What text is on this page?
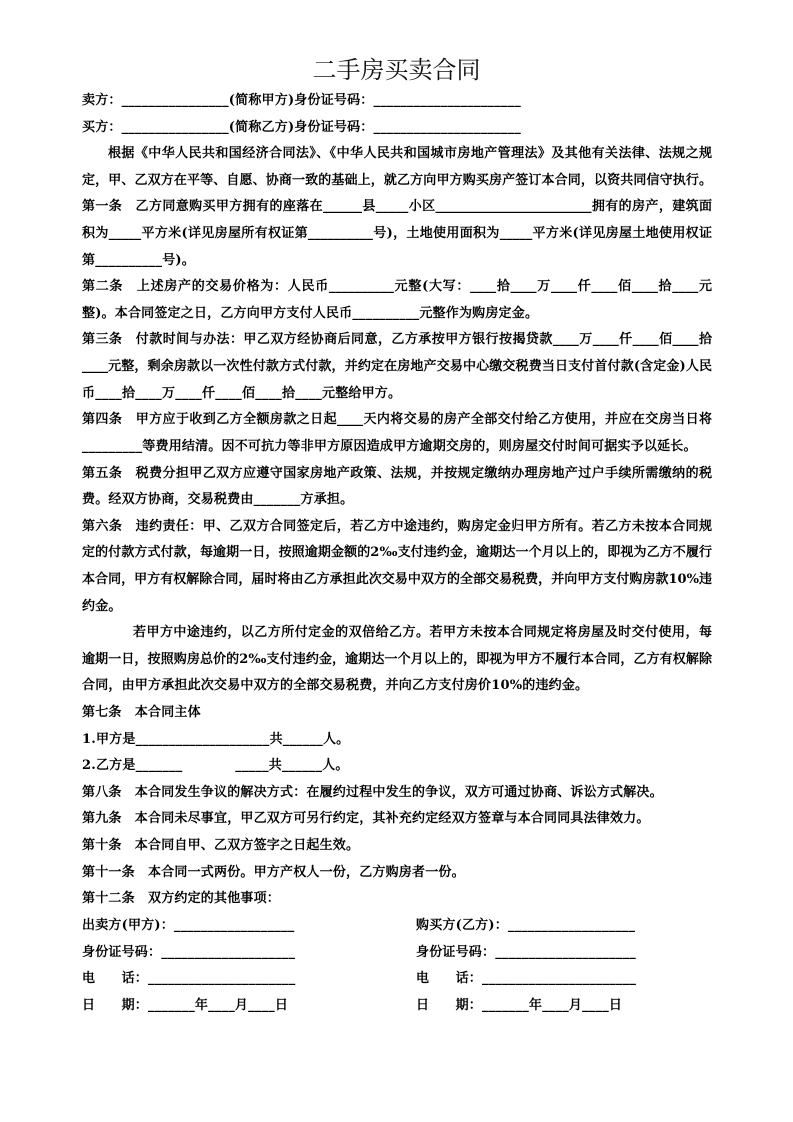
二手房买卖合同
卖方：________________(简称甲方)身份证号码：______________________
买方：________________(简称乙方)身份证号码：______________________
根据《中华人民共和国经济合同法》、《中华人民共和国城市房地产管理法》及其他有关法律、法规之规
定，甲、乙双方在平等、自愿、协商一致的基础上，就乙方向甲方购买房产签订本合同，以资共同信守执行。
第一条　乙方同意购买甲方拥有的座落在______县_____小区________________________拥有的房产，建筑面
积为_____平方米(详见房屋所有权证第__________号)，土地使用面积为_____平方米(详见房屋土地使用权证
第__________号)。
第二条　上述房产的交易价格为：人民币__________元整(大写：____拾____万____仟____佰____拾____元
整)。本合同签定之日，乙方向甲方支付人民币__________元整作为购房定金。
第三条　付款时间与办法：甲乙双方经协商后同意，乙方承按甲方银行按揭贷款____万____仟____佰____拾
____元整，剩余房款以一次性付款方式付款，并约定在房地产交易中心缴交税费当日支付首付款(含定金)人民
币____拾____万____仟____佰____拾____元整给甲方。
第四条　甲方应于收到乙方全额房款之日起____天内将交易的房产全部交付给乙方使用，并应在交房当日将
_________等费用结清。因不可抗力等非甲方原因造成甲方逾期交房的，则房屋交付时间可据实予以延长。
第五条　税费分担甲乙双方应遵守国家房地产政策、法规，并按规定缴纳办理房地产过户手续所需缴纳的税
费。经双方协商，交易税费由_______方承担。
第六条　违约责任：甲、乙双方合同签定后，若乙方中途违约，购房定金归甲方所有。若乙方未按本合同规
定的付款方式付款，每逾期一日，按照逾期金额的2‰支付违约金，逾期达一个月以上的，即视为乙方不履行
本合同，甲方有权解除合同，届时将由乙方承担此次交易中双方的全部交易税费，并向甲方支付购房款10%违
约金。
若甲方中途违约，以乙方所付定金的双倍给乙方。若甲方未按本合同规定将房屋及时交付使用，每
逾期一日，按照购房总价的2‰支付违约金，逾期达一个月以上的，即视为甲方不履行本合同，乙方有权解除
合同，由甲方承担此次交易中双方的全部交易税费，并向乙方支付房价10%的违约金。
第七条　本合同主体
1.甲方是____________________共______人。
2.乙方是_______　　　　_____共______人。
第八条　本合同发生争议的解决方式：在履约过程中发生的争议，双方可通过协商、诉讼方式解决。
第九条　本合同未尽事宜，甲乙双方可另行约定，其补充约定经双方签章与本合同同具法律效力。
第十条　本合同自甲、乙双方签字之日起生效。
第十一条　本合同一式两份。甲方产权人一份，乙方购房者一份。
第十二条　双方约定的其他事项：
出卖方(甲方)：__________________	购买方(乙方)：___________________
身份证号码：____________________	身份证号码：_____________________
电　　话：______________________	电　　话：_______________________
日　　期：_______年____月____日	日　　期：_______年____月____日
